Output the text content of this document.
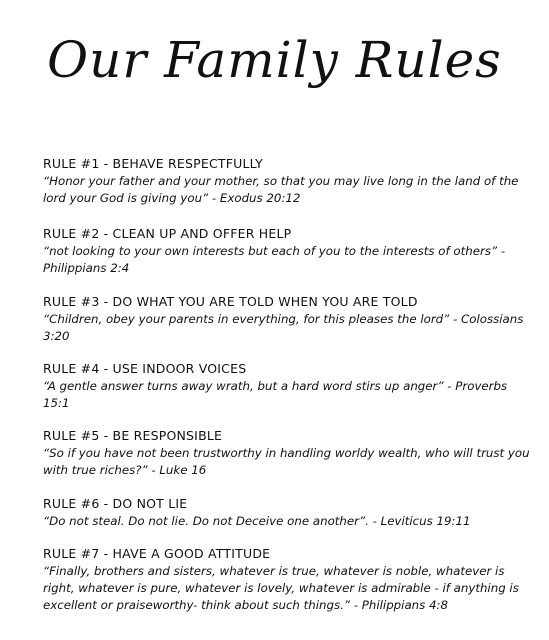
Our Family Rules
RULE #1 - BEHAVE RESPECTFULLY
“Honor your father and your mother, so that you may live long in the land of the lord your God is giving you” - Exodus 20:12
RULE #2 - CLEAN UP AND OFFER HELP
“not looking to your own interests but each of you to the interests of others” - Philippians 2:4
RULE #3 - DO WHAT YOU ARE TOLD WHEN YOU ARE TOLD
“Children, obey your parents in everything, for this pleases the lord” - Colossians 3:20
RULE #4 - USE INDOOR VOICES
“A gentle answer turns away wrath, but a hard word stirs up anger” - Proverbs 15:1
RULE #5 - BE RESPONSIBLE
“So if you have not been trustworthy in handling worldy wealth, who will trust you with true riches?” - Luke 16
RULE #6 - DO NOT LIE
“Do not steal. Do not lie. Do not Deceive one another”. - Leviticus 19:11
RULE #7 - HAVE A GOOD ATTITUDE
“Finally, brothers and sisters, whatever is true, whatever is noble, whatever is right, whatever is pure, whatever is lovely, whatever is admirable - if anything is excellent or praiseworthy- think about such things.” - Philippians 4:8
